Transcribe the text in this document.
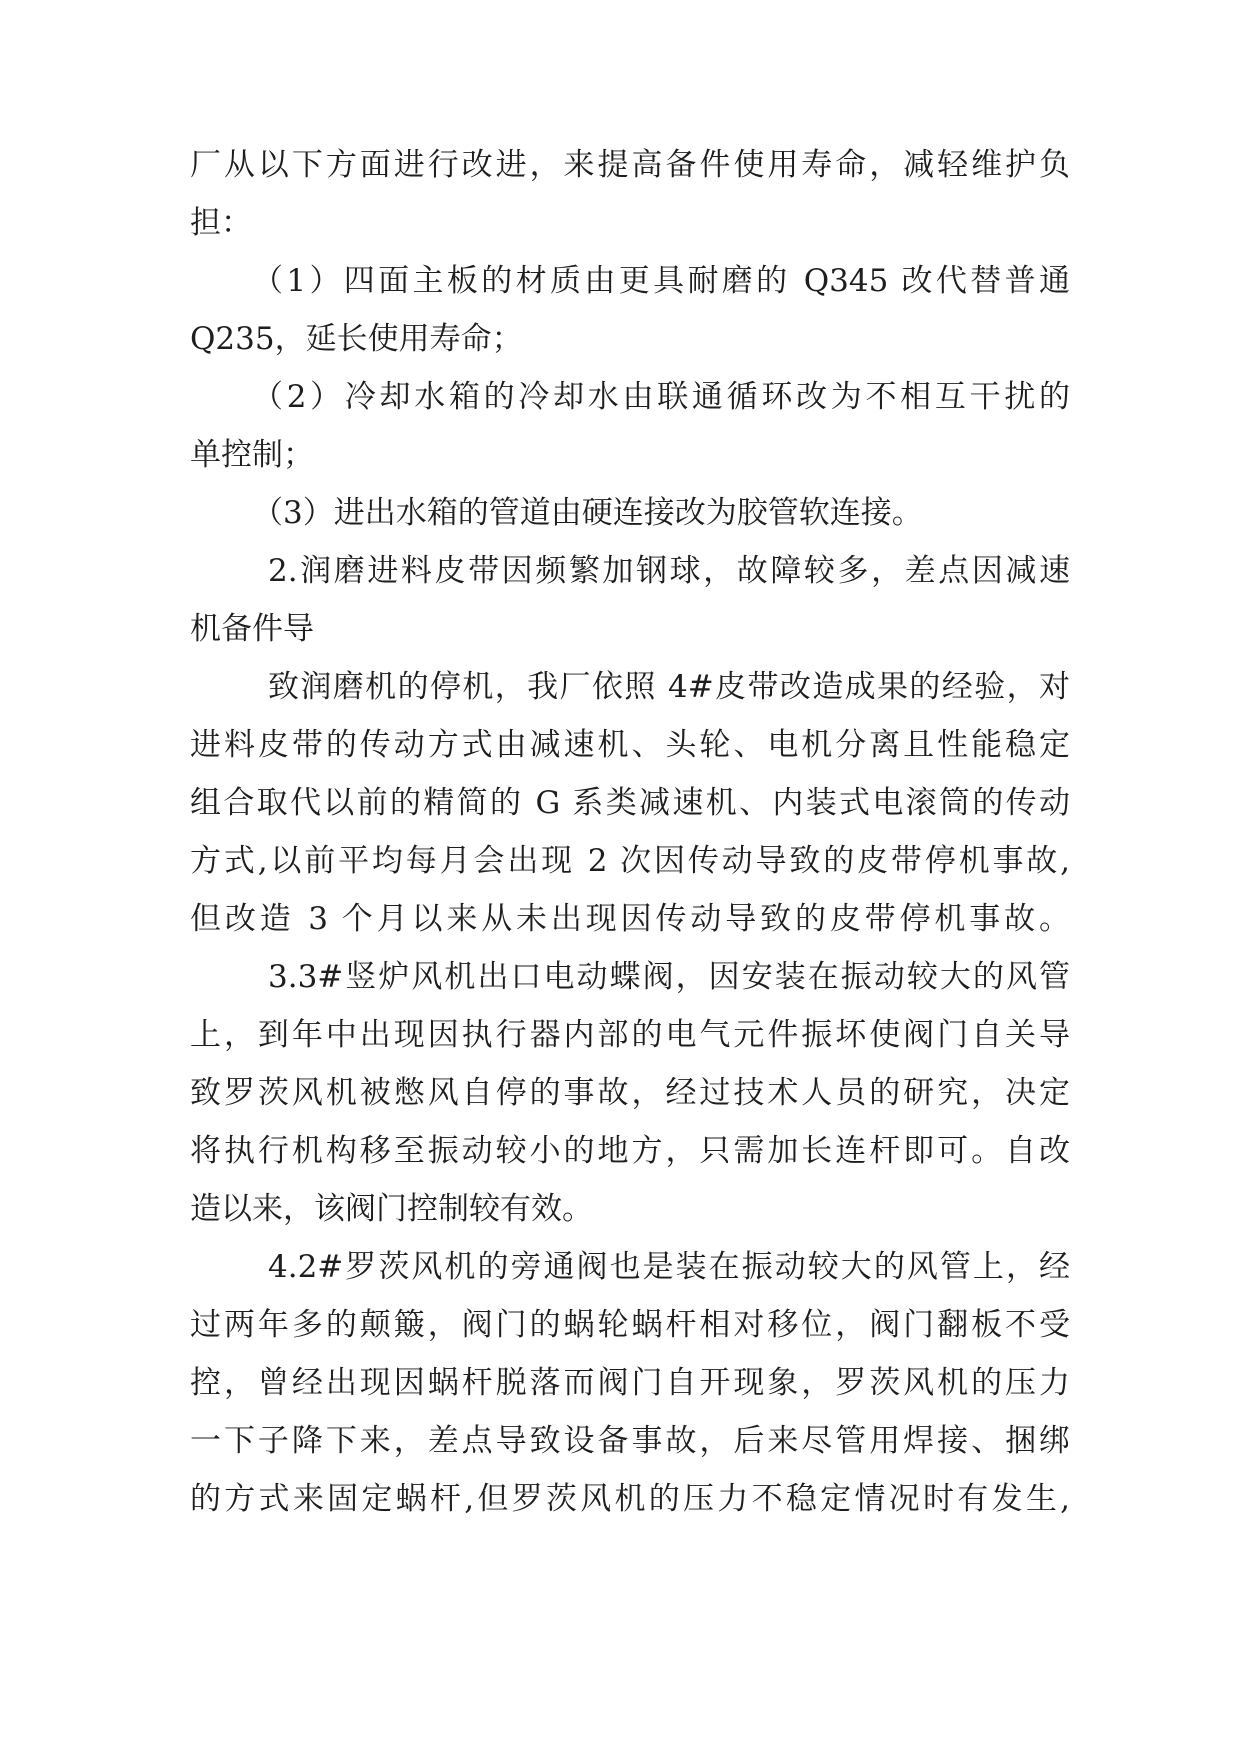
厂从以下方面进行改进，来提高备件使用寿命，减轻维护负
担：
（1）四面主板的材质由更具耐磨的 Q345 改代替普通
Q235，延长使用寿命；
（2）冷却水箱的冷却水由联通循环改为不相互干扰的
单控制；
（3）进出水箱的管道由硬连接改为胶管软连接。
2.润磨进料皮带因频繁加钢球，故障较多，差点因减速
机备件导
致润磨机的停机，我厂依照 4#皮带改造成果的经验，对
进料皮带的传动方式由减速机、头轮、电机分离且性能稳定
组合取代以前的精简的 G 系类减速机、内装式电滚筒的传动
方式,以前平均每月会出现 2 次因传动导致的皮带停机事故,
但改造 3 个月以来从未出现因传动导致的皮带停机事故。
3.3#竖炉风机出口电动蝶阀，因安装在振动较大的风管
上，到年中出现因执行器内部的电气元件振坏使阀门自关导
致罗茨风机被憋风自停的事故，经过技术人员的研究，决定
将执行机构移至振动较小的地方，只需加长连杆即可。自改
造以来，该阀门控制较有效。
4.2#罗茨风机的旁通阀也是装在振动较大的风管上，经
过两年多的颠簸，阀门的蜗轮蜗杆相对移位，阀门翻板不受
控，曾经出现因蜗杆脱落而阀门自开现象，罗茨风机的压力
一下子降下来，差点导致设备事故，后来尽管用焊接、捆绑
的方式来固定蜗杆,但罗茨风机的压力不稳定情况时有发生,
